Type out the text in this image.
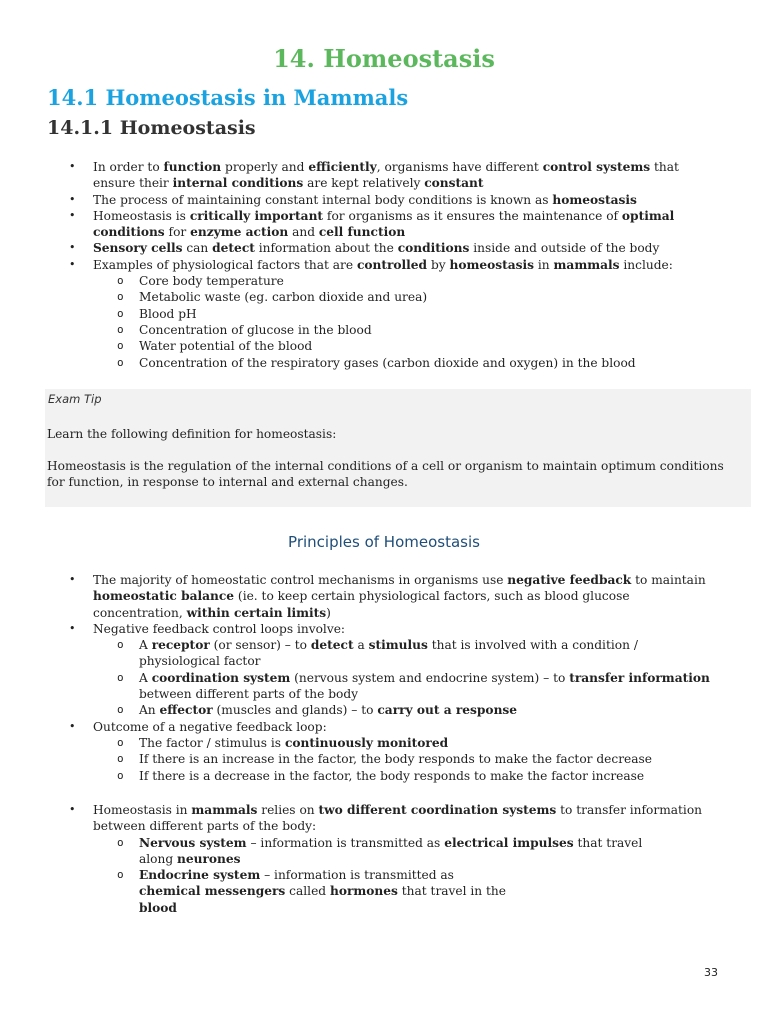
14. Homeostasis
14.1 Homeostasis in Mammals
14.1.1 Homeostasis
• In order to function properly and efficiently, organisms have different control systems that ensure their internal conditions are kept relatively constant
• The process of maintaining constant internal body conditions is known as homeostasis
• Homeostasis is critically important for organisms as it ensures the maintenance of optimal conditions for enzyme action and cell function
• Sensory cells can detect information about the conditions inside and outside of the body
• Examples of physiological factors that are controlled by homeostasis in mammals include:
o Core body temperature
o Metabolic waste (eg. carbon dioxide and urea)
o Blood pH
o Concentration of glucose in the blood
o Water potential of the blood
o Concentration of the respiratory gases (carbon dioxide and oxygen) in the blood
Exam Tip
Learn the following definition for homeostasis:
Homeostasis is the regulation of the internal conditions of a cell or organism to maintain optimum conditions for function, in response to internal and external changes.
Principles of Homeostasis
• The majority of homeostatic control mechanisms in organisms use negative feedback to maintain homeostatic balance (ie. to keep certain physiological factors, such as blood glucose concentration, within certain limits)
• Negative feedback control loops involve:
o A receptor (or sensor) – to detect a stimulus that is involved with a condition / physiological factor
o A coordination system (nervous system and endocrine system) – to transfer information between different parts of the body
o An effector (muscles and glands) – to carry out a response
• Outcome of a negative feedback loop:
o The factor / stimulus is continuously monitored
o If there is an increase in the factor, the body responds to make the factor decrease
o If there is a decrease in the factor, the body responds to make the factor increase
• Homeostasis in mammals relies on two different coordination systems to transfer information between different parts of the body:
o Nervous system – information is transmitted as electrical impulses that travel along neurones
o Endocrine system – information is transmitted as chemical messengers called hormones that travel in the blood
33
